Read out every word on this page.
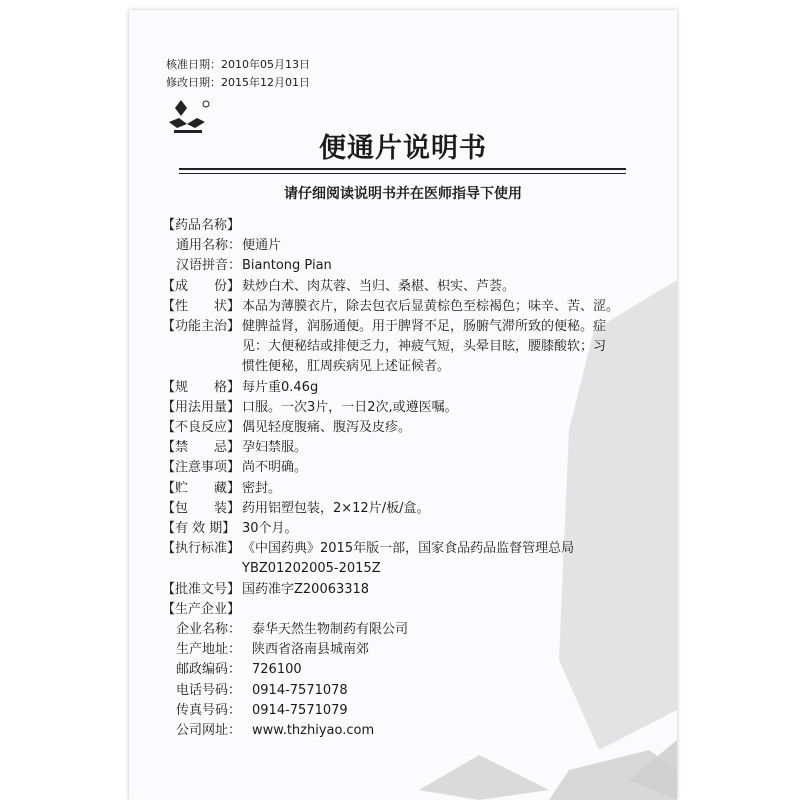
核准日期：2010年05月13日
修改日期：2015年12月01日
便通片说明书
请仔细阅读说明书并在医师指导下使用
【药品名称】
通用名称： 便通片
汉语拼音： Biantong Pian
【成　　份】 麸炒白术、肉苁蓉、当归、桑椹、枳实、芦荟。
【性　　状】 本品为薄膜衣片，除去包衣后显黄棕色至棕褐色；味辛、苦、涩。
【功能主治】 健脾益肾，润肠通便。用于脾肾不足，肠腑气滞所致的便秘。症
见：大便秘结或排便乏力，神疲气短，头晕目眩，腰膝酸软；习
惯性便秘，肛周疾病见上述证候者。
【规　　格】 每片重0.46g
【用法用量】 口服。一次3片，一日2次,或遵医嘱。
【不良反应】 偶见轻度腹痛、腹泻及皮疹。
【禁　　忌】 孕妇禁服。
【注意事项】 尚不明确。
【贮　　藏】 密封。
【包　　装】 药用铝塑包装，2×12片/板/盒。
【有 效 期】 30个月。
【执行标准】 《中国药典》2015年版一部，国家食品药品监督管理总局
YBZ01202005-2015Z
【批准文号】 国药准字Z20063318
【生产企业】
企业名称： 泰华天然生物制药有限公司
生产地址： 陕西省洛南县城南郊
邮政编码： 726100
电话号码： 0914-7571078
传真号码： 0914-7571079
公司网址： www.thzhiyao.com
